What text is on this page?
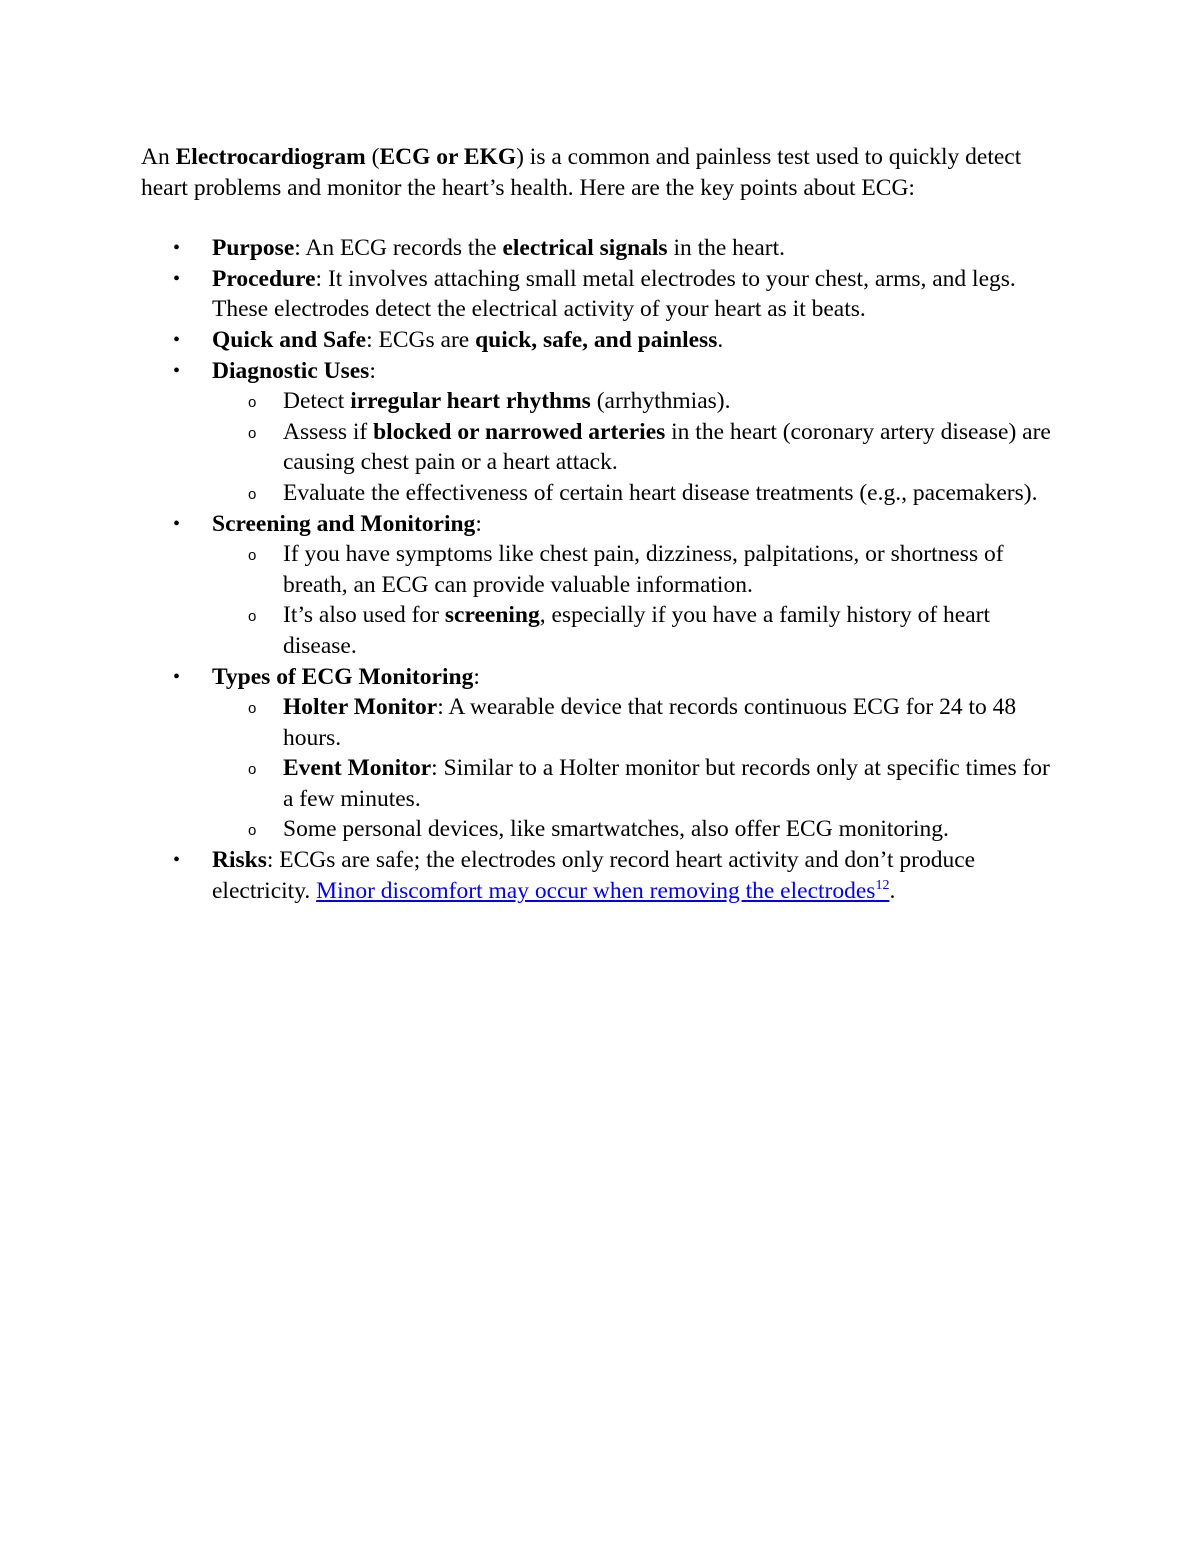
An Electrocardiogram (ECG or EKG) is a common and painless test used to quickly detect heart problems and monitor the heart’s health. Here are the key points about ECG:

• Purpose: An ECG records the electrical signals in the heart.
• Procedure: It involves attaching small metal electrodes to your chest, arms, and legs. These electrodes detect the electrical activity of your heart as it beats.
• Quick and Safe: ECGs are quick, safe, and painless.
• Diagnostic Uses:
o Detect irregular heart rhythms (arrhythmias).
o Assess if blocked or narrowed arteries in the heart (coronary artery disease) are causing chest pain or a heart attack.
o Evaluate the effectiveness of certain heart disease treatments (e.g., pacemakers).
• Screening and Monitoring:
o If you have symptoms like chest pain, dizziness, palpitations, or shortness of breath, an ECG can provide valuable information.
o It’s also used for screening, especially if you have a family history of heart disease.
• Types of ECG Monitoring:
o Holter Monitor: A wearable device that records continuous ECG for 24 to 48 hours.
o Event Monitor: Similar to a Holter monitor but records only at specific times for a few minutes.
o Some personal devices, like smartwatches, also offer ECG monitoring.
• Risks: ECGs are safe; the electrodes only record heart activity and don’t produce electricity. Minor discomfort may occur when removing the electrodes$^{12}$.
